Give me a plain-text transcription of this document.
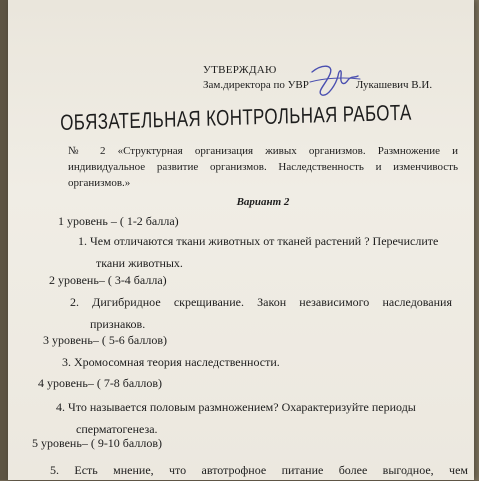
УТВЕРЖДАЮ
Зам.директора по УВР	Лукашевич В.И.
ОБЯЗАТЕЛЬНАЯ КОНТРОЛЬНАЯ РАБОТА
№ 2 «Структурная организация живых организмов. Размножение и
индивидуальное развитие организмов. Наследственность и изменчивость
организмов.»
Вариант 2
1 уровень – ( 1-2 балла)
1. Чем отличаются ткани животных от тканей растений ? Перечислите
ткани животных.
2 уровень– ( 3-4 балла)
2. Дигибридное скрещивание. Закон независимого наследования
признаков.
3 уровень– ( 5-6 баллов)
3. Хромосомная теория наследственности.
4 уровень– ( 7-8 баллов)
4. Что называется половым размножением? Охарактеризуйте периоды
сперматогенеза.
5 уровень– ( 9-10 баллов)
5. Есть мнение, что автотрофное питание более выгодное, чем
